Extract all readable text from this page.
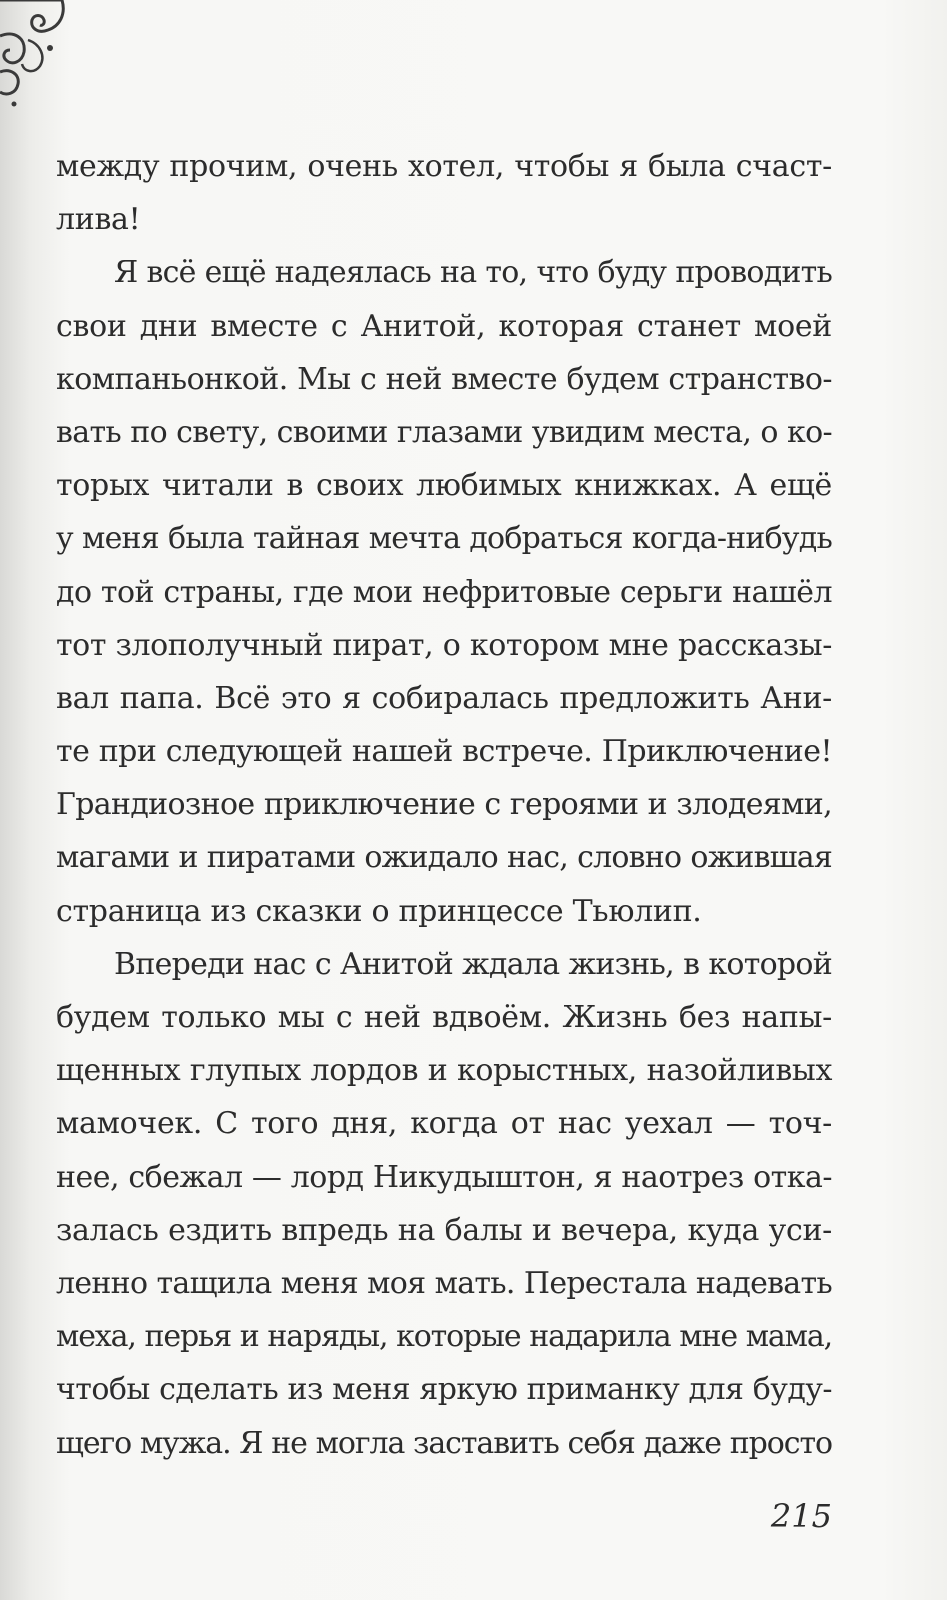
между прочим, очень хотел, чтобы я была счаст-
лива!
Я всё ещё надеялась на то, что буду проводить
свои дни вместе с Анитой, которая станет моей
компаньонкой. Мы с ней вместе будем странство-
вать по свету, своими глазами увидим места, о ко-
торых читали в своих любимых книжках. А ещё
у меня была тайная мечта добраться когда-нибудь
до той страны, где мои нефритовые серьги нашёл
тот злополучный пират, о котором мне рассказы-
вал папа. Всё это я собиралась предложить Ани-
те при следующей нашей встрече. Приключение!
Грандиозное приключение с героями и злодеями,
магами и пиратами ожидало нас, словно ожившая
страница из сказки о принцессе Тьюлип.
Впереди нас с Анитой ждала жизнь, в которой
будем только мы с ней вдвоём. Жизнь без напы-
щенных глупых лордов и корыстных, назойливых
мамочек. С того дня, когда от нас уехал — точ-
нее, сбежал — лорд Никудыштон, я наотрез отка-
залась ездить впредь на балы и вечера, куда уси-
ленно тащила меня моя мать. Перестала надевать
меха, перья и наряды, которые надарила мне мама,
чтобы сделать из меня яркую приманку для буду-
щего мужа. Я не могла заставить себя даже просто
215
